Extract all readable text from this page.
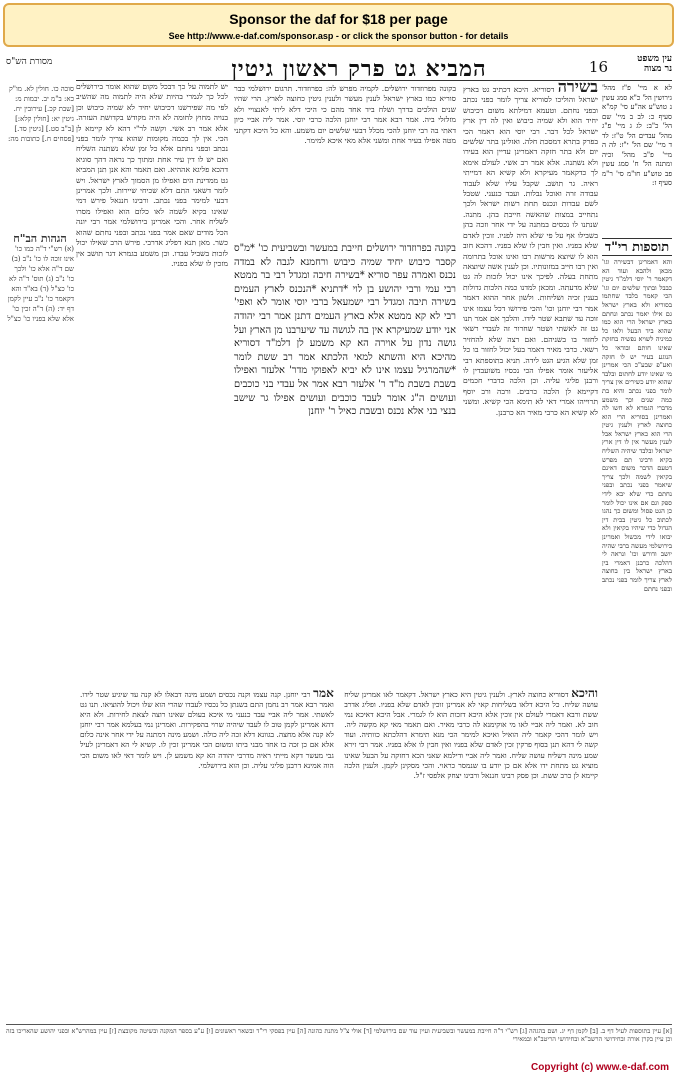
Sponsor the daf for $18 per page
See http://www.e-daf.com/sponsor.asp - or click the sponsor button - for details
עין משפט
נר מצוה
16
המביא גט פרק ראשון גיטין
מסורת הש"ס
לא א מיי' פ"ז מהל' גירושין הל' כ"א סמג עשין נ טוש"ע אה"ע סי' קמ"א סעיף כ: לב ב מיי' שם הל' כ"ב: לג ג מיי' פ"ג מהל' עבדים הל' ט"ז: לד ד מיי' שם הל' י"ז: לה ה מיי' פ"ב מהל' זכיה ומתנה הל' ח' סמג עשין פב טוש"ע חו"מ סי' ר"מ סעיף ז:
תוספות רי"ד
והא דאמרינן דבשירה וגו' מכאן ולהבא ועוד הא דקאמר ר' יוסי דלמ"ד גיטין כבבל ובתוך שלשים יום וגו' הכי קאמר בלבד שחתמו בסוריא ולא בארץ ישראל גם אילו יאמר נכתב ונחתם בארץ ישראל הרי הוא כמו שהוא ביד הבעל ולאו כל כמיניה לשויא נפשיה בחזקת שאינו חותם ובודאי כל הנוגע בעיר יש לו חזקה ואע"פ שבע"כ הכי אמרינן מי שאינו יודע לחתום ובלבד שהוא יודע כשירים אין צריך לומר בפני נכתב והיא בת כמה שנים וכך משמע מדברי הגמרא לא חשו לה ואמרינן בסוריא הרי הוא כחוצה לארץ ולענין גיטין הרי הוא כארץ ישראל אבל לענין מעשר אין לו דין ארץ ישראל ובלבד שיהיה השליח בקיא ורבינו תם מפרש דטעם הדבר משום דאינם בקיאין לשמה ולכך צריך שיאמר בפני נכתב ובפני נחתם כדי שלא יבא לידי ספק וגם אם אינו יכול לומר כן הגט פסול ומשום כך נהגו לכתוב כל גיטין בבית דין הגדול כדי שיהיו בקיאין ולא יבואו לידי מכשול ואמרינן בירושלמי מעשה ברבי שהיה יושב ודורש וכו' ונראה לי דהלכה כרבנן דאמרי בין בארץ ישראל בין בחוצה לארץ צריך לומר בפני נכתב ובפני נחתם
בשירה דסוריא. היכא דכתיב גט בארץ ישראל והוליכו לסוריא צריך לומר בפני נכתב ובפני נחתם. וטעמא דמילתא משום דכיבוש יחיד הוא ולא שמיה כיבוש ואין לה דין ארץ ישראל לכל דבר. רבי יוסי הוא דאמר הכי בפרק בתרא דמסכת חלה. ואזלינן בתר שלשים יום ולא בתר חזקה דאמרינן עדיין הוא בעירו ולא נשתנה. אלא אמר רב אשי. לעולם אימא לך כדקאמר מעיקרא ולא קשיא הא דמייתי ראיה. גר תושב. שקבל עליו שלא לעבוד עבודה זרה ואוכל נבלות. ועבד כנעני. שטבל לשם עבדות ונכנס תחת רשות ישראל ולכך נתחייב במצות שהאשה חייבת בהן. מתנה. שנתנו לו נכסים במתנה על ידי אחר וזכה בהן בשבילו אף על פי שלא היה לפניו. זוכין לאדם שלא בפניו. ואין חבין לו שלא בפניו. דהכא חוב הוא לו שיוצא מרשות רבו ואינו אוכל בתרומה ואין רבו חייב במזונותיו. וכן לענין אשה שיוצאה מתחת בעלה. לפיכך אינו יכול לזכות לה גט שלא מדעתה. ומכאן למדנו כמה הלכות גדולות בענין זכיה ושליחות. ולשון אחר ההוא דאמר אמר רבי יוחנן וכו' והכי פירושו דכל עצמו אינו זוכה עד שתבא שטר לידו. והלכך אם אמר תנו גט זה לאשתי ושטר שחרור זה לעבדי רשאי לחזור בו בשניהם. ואם רצה שלא להחזיר רשאי. כרבי מאיר דאמר בעל יכול לחזור בו כל זמן שלא הגיע הגט לידה. תניא בתוספתא רבי אליעזר אומר אפילו הכי נכסיו משועבדין לו ורבנן פליגי עליה. וכן הלכה כדברי חכמים דקיימא לן הלכה כרבים. ורבה ורב יוסף תרוייהו אמרי דאי לא תימא הכי קשיא. ומשני לא קשיא הא כרבי מאיר הא כרבנן.
בקונה מפרוזדור ירושלים. לקמיה מפרש לה: כפרוזדור. תרגום ירושלמי כבר סוריא כמו בארץ ישראל לענין מעשר ולענין גיטין כחוצה לארץ. הרי שהיו שנים הולכים בדרך ושלח ביד אחד מהם כי היכי דלא ליתי לאנצויי ולא מזלזלי ביה. אמר רבא אמר רבי יוחנן הלכה כרבי יוסי. אמר ליה אביי כיון דאתי בה רבי יוחנן להכי מכלל דבעי שלשים יום משמע. והא כל היכא דקתני מטה אפילו בעיר אחת ומשני אלא מאי איכא למימר.
בקונה בפרוזדור ירושלים חייבת במעשר ובשביעית כו' *מ"ס קסבר כיבוש יחיד שמיה כיבוש ורחמנא לגבה לא במדה נכנס ואמרה עפר סוריא *בשירה חיבה ומגדל רבי בר ממטא רבי עמי ורבי יהושע בן לוי *דתניא *הנכנס לארץ העמים בשירה תיבה ומגדל רבי ישמעאל ברבי יוסי אומר לא ואפי' רבי לא קא ממטא אלא בארץ העמים דתנן אמר רבי יהודה אני יודע שמעיקרא אין בה לגושה עד שיערבנו מן הארץ ועל גושה נדון על אוירה הא קא משמע לן דלמ"ד דסוריא מהיכא היא והשתא למאי הלכתא אמר רב ששת לומר *שהמרגיל עצמו אינו לא יביא לאפוקי מדר' אלעזר ואפילו בשבת בשבת מ"ד ר' אלעזר רבא אמר אל עבדי בני כוכבים ועושים ה"ג אומר לעבד כוכבים ועושים אפילו גר שישב בנצי בני אלא נכנס ובשבת כאיל ר' יוחנן
יש לתמוה על כך דבכל מקום שהוא אומר בירושלים לכל כך לגמרי בהיות שלא היה לתמוה מה שהשיב לפי מה שפירשנו דכיבוש יחיד לא שמיה כיבוש וכן בנויה מחוץ לחומה לא היה מקודש בקדושת העזרה. אלא אמר רב אשי. וקשה לר"י דהא לא קיימא לן הכי. אין לך בכמה מקומות שהוא צריך לומר בפני נכתב ובפני נחתם אלא כל זמן שלא נשתנה השליח ואם יש לו דין עיר אחת ומתוך כך נראה דהך סוגיא דהכא פליגא אההיא. ואם תאמר והא אנן תנן המביא גט ממדינת הים ואפילו מן הסמוך לארץ ישראל. ויש לומר דשאני התם דלא שכיחי שיירות. ולכך אמרינן דבעי למימר בפני נכתב. ורבינו חננאל פירש דמי שאינו בקיא לשמה לאו כלום הוא ואפילו מסרו לשליח אחר. והכי אמרינן בירושלמי אמר רבי יונה הכל מודים שאם אמר בפני נכתב ובפני נחתם שהוא כשר. מאן תנא דפליג אדרבי. פירש הרב שאילו יכול לזכות בשביל עבדו. וכן משמע בגמרא דגר תושב אין מזכין לו שלא בפניו.
סוכה כו. חולין לא. מו"ק כא: ב"מ יב. יבמות מ: [שבת קכ.] עירובין יח. גיטין יא: [חולין קלא:] [ב"ב סט.] [גיטין סד.] [פסחים ח.] כתובות מה:
הגהות הב"ח
(א) רש"י ד"ה כמו כו' אינו זוכה לו כו' נ"ב (ב) שם ד"ה אלא כו' ולכך כו' נ"ב (ג) תוס' ד"ה לא כו' כצ"ל (ד) בא"ד והא דקאמר כו' נ"ב עיין לקמן דף יד: (ה) ד"ה זכין כו' אלא שלא בפניו כו' כצ"ל
והיכא דסוריא כחוצה לארץ. ולענין גיטין היא כארץ ישראל. דקאמר לאו אמרינן שליח עושה שליח. כל היכא דלאו בשליחות קאי לא אמרינן זוכין לאדם שלא בפניו. ופליג אדרב ששת ורבא דאמרי לעולם אין זוכין אלא היכא דזכות הוא לו לגמרי. אבל היכא דאיכא נמי חוב לא. ואמר ליה אביי לאו מי אוקימנא לה כרבי מאיר. ואם תאמר מאי קא מקשה ליה. ויש לומר דהכי קאמר ליה הואיל ואיכא למימר הכי מנא תימרא דהלכתא כוותיה. ועוד קשה לי דהא תנן בסוף פרקין זכין לאדם שלא בפניו ואין חבין לו אלא בפניו. אמר רבי זירא שמע מינה דשליח עושה שליח. ואמר ליה אביי ודילמא שאני הכא דחזקה על הבעל שאינו מוציא גט מתחת ידו אלא אם כן יודע בו שנמסר כראוי. והכי מסקינן לקמן. ולענין הלכה קיימא לן כרב ששת. וכן פסק רבינו חננאל ורבינו יצחק אלפסי ז"ל.
אמר רבי יוחנן. קנה עצמו וקנה נכסים ושמע מינה דבאלו לא קנה עד שיגיע שטר לידו. ואמר רבא אמר רב נחמן התם בשנתן כל נכסיו לעבדו שהרי הוא שלו ויכול להוציאו. תנו גט לאשתי. אמר ליה אביי עבד כנעני מי איכא בעולם שאינו רוצה לצאת לחירות. ולא היא דהא אמרינן לקמן טוב לו לעבד שיהיה שרוי בהפקירות. ואמרינן נמי בעלמא אמר רבי יוחנן לא קנה אלא מחצה. בגוונא דלא זכה ליה כולה. ושמע מינה דמתנה על ידי אחר אינה כלום אלא אם כן זכה בו אחד מבני ביתו ומשום הכי אמרינן זכין לו. קשיא לי הא דאמרינן לעיל גבי מעשר דקא מייתי ראיה מדרבי יהודה הא קא משמע לן. ויש לומר דאי לאו משום הכי הוה אמינא דרבנן פליגי עליה. וכן הוא בירושלמי.
[א] עיין בתוספות לעיל דף ב. [ב] לקמן דף יג. ושם בהגהה [ג] רש"י ד"ה חייבת במעשר ובשביעית ועיין עוד שם בירושלמי [ד] אולי צ"ל מתנת כהונה [ה] עיין בפסקי רי"ד ובשאר ראשונים [ו] ע"ע בספר המקנה ובשיטה מקובצת [ז] עיין במהרש"א ובפני יהושע שהאריכו בזה וכן עיין בקרן אורה ובחידושי הרשב"א ובחידושי הריטב"א ובמאירי
Copyright (c) www.e-daf.com
